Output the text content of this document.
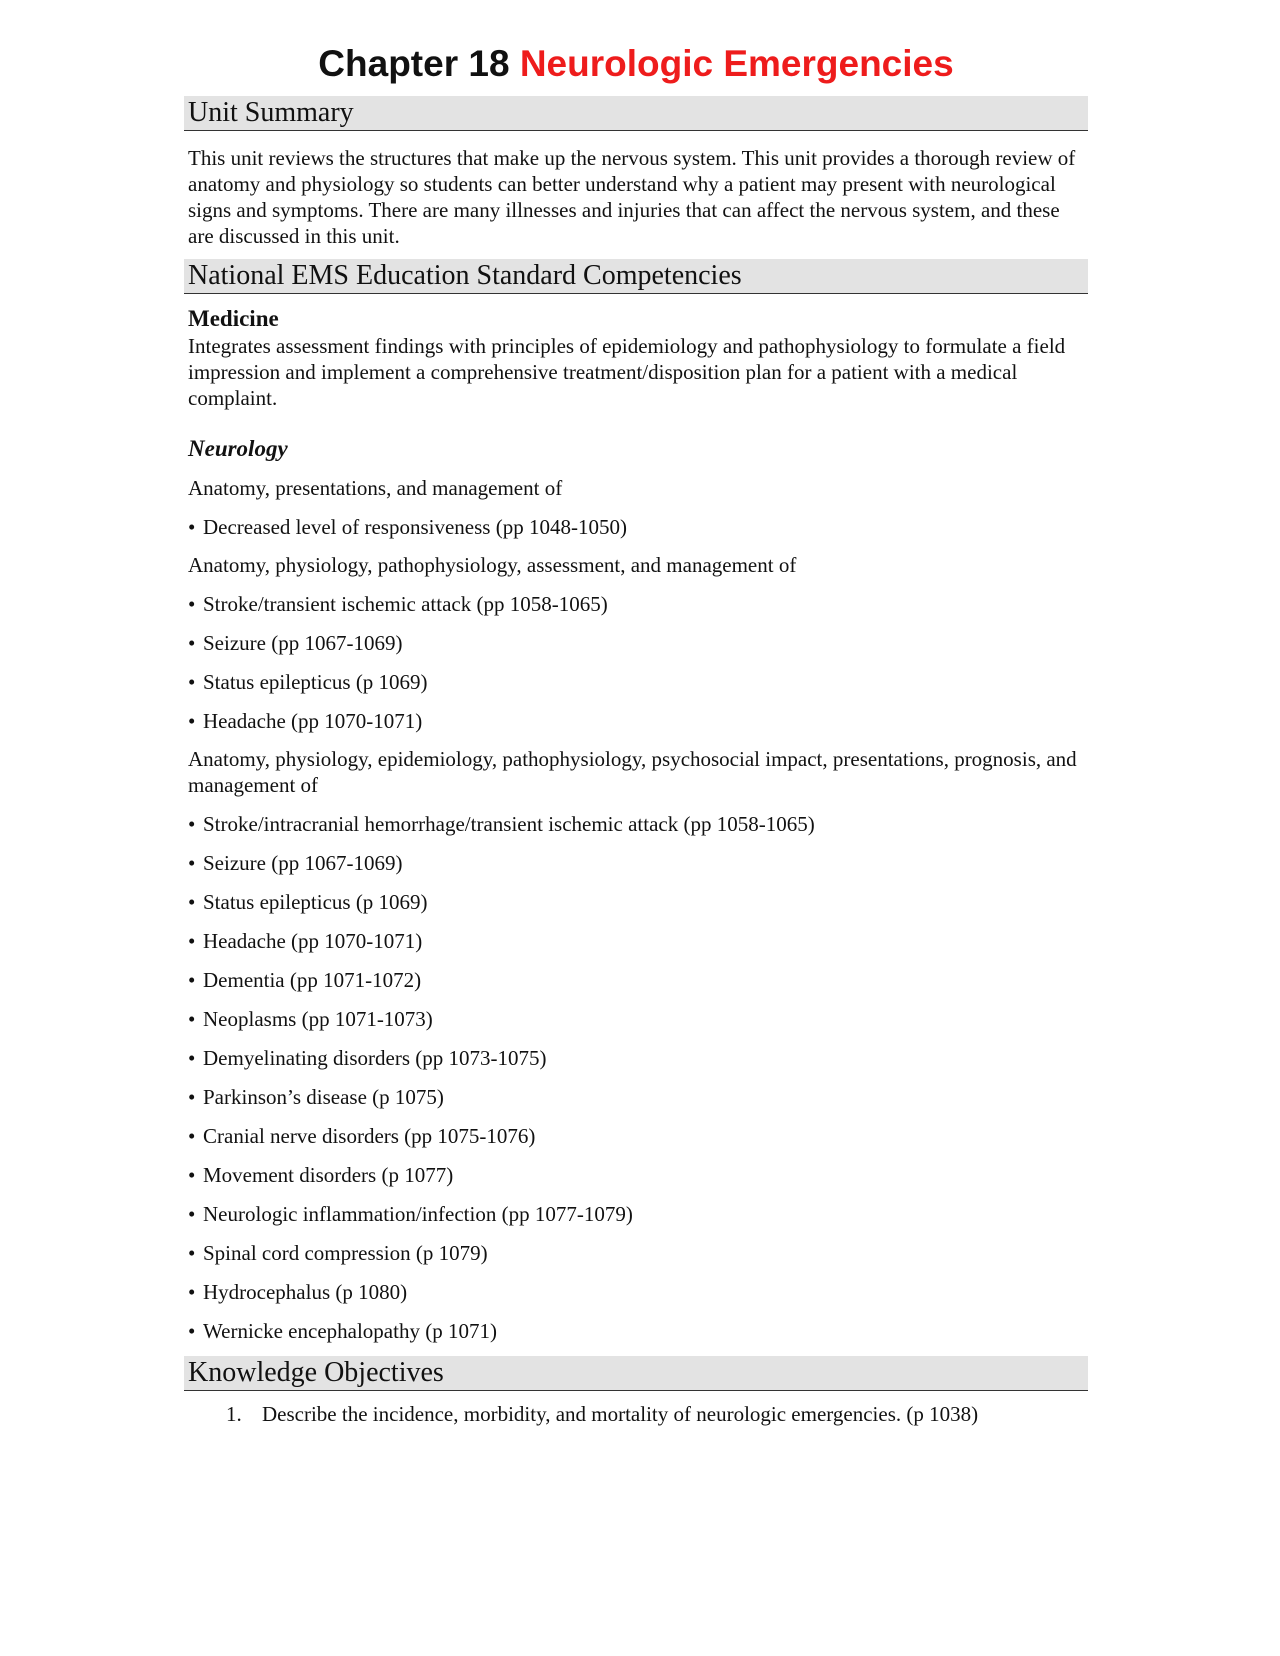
Chapter 18 Neurologic Emergencies
Unit Summary

This unit reviews the structures that make up the nervous system. This unit provides a thorough review of anatomy and physiology so students can better understand why a patient may present with neurological signs and symptoms. There are many illnesses and injuries that can affect the nervous system, and these are discussed in this unit.

National EMS Education Standard Competencies
Medicine

Integrates assessment findings with principles of epidemiology and pathophysiology to formulate a field impression and implement a comprehensive treatment/disposition plan for a patient with a medical complaint.

Neurology

Anatomy, presentations, and management of

• Decreased level of responsiveness (pp 1048-1050)

Anatomy, physiology, pathophysiology, assessment, and management of

• Stroke/transient ischemic attack (pp 1058-1065)

• Seizure (pp 1067-1069)

• Status epilepticus (p 1069)

• Headache (pp 1070-1071)

Anatomy, physiology, epidemiology, pathophysiology, psychosocial impact, presentations, prognosis, and management of

• Stroke/intracranial hemorrhage/transient ischemic attack (pp 1058-1065)

• Seizure (pp 1067-1069)

• Status epilepticus (p 1069)

• Headache (pp 1070-1071)

• Dementia (pp 1071-1072)

• Neoplasms (pp 1071-1073)

• Demyelinating disorders (pp 1073-1075)

• Parkinson’s disease (p 1075)

• Cranial nerve disorders (pp 1075-1076)

• Movement disorders (p 1077)

• Neurologic inflammation/infection (pp 1077-1079)

• Spinal cord compression (p 1079)

• Hydrocephalus (p 1080)

• Wernicke encephalopathy (p 1071)

Knowledge Objectives

1. Describe the incidence, morbidity, and mortality of neurologic emergencies. (p 1038)
